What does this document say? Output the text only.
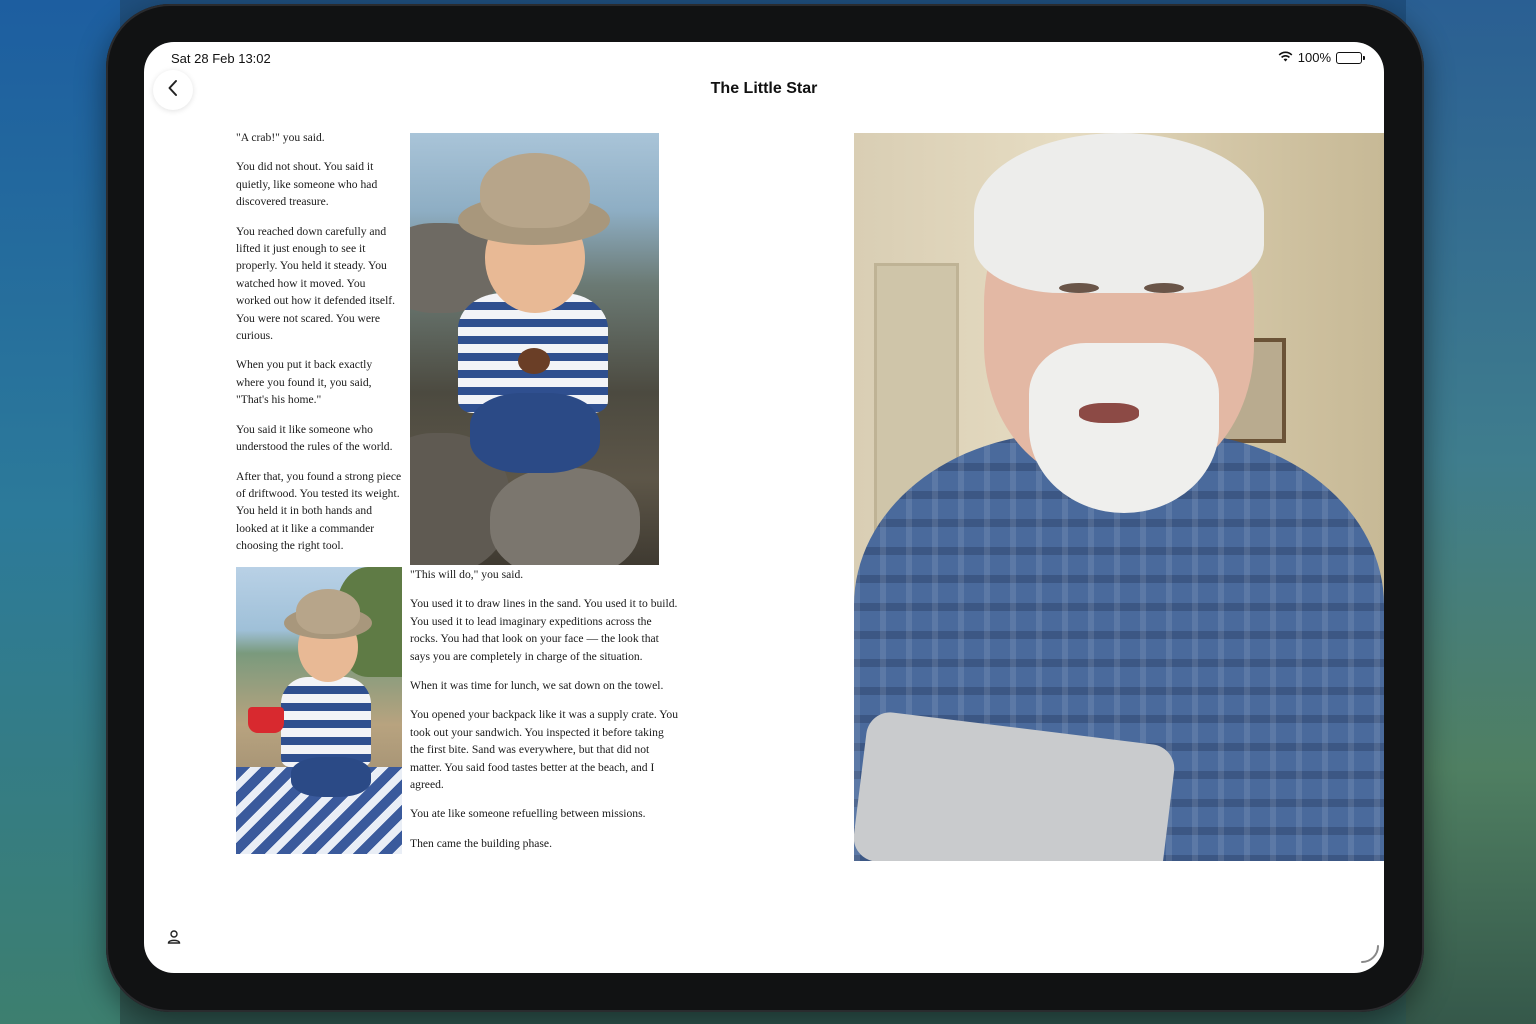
Sat 28 Feb 13:02	100%
The Little Star

"A crab!" you said.

You did not shout. You said it quietly, like someone who had discovered treasure.

You reached down carefully and lifted it just enough to see it properly. You held it steady. You watched how it moved. You worked out how it defended itself. You were not scared. You were curious.

When you put it back exactly where you found it, you said, "That's his home."

You said it like someone who understood the rules of the world.

After that, you found a strong piece of driftwood. You tested its weight. You held it in both hands and looked at it like a commander choosing the right tool.

"This will do," you said.

You used it to draw lines in the sand. You used it to build. You used it to lead imaginary expeditions across the rocks. You had that look on your face — the look that says you are completely in charge of the situation.

When it was time for lunch, we sat down on the towel.

You opened your backpack like it was a supply crate. You took out your sandwich. You inspected it before taking the first bite. Sand was everywhere, but that did not matter. You said food tastes better at the beach, and I agreed.

You ate like someone refuelling between missions.

Then came the building phase.
